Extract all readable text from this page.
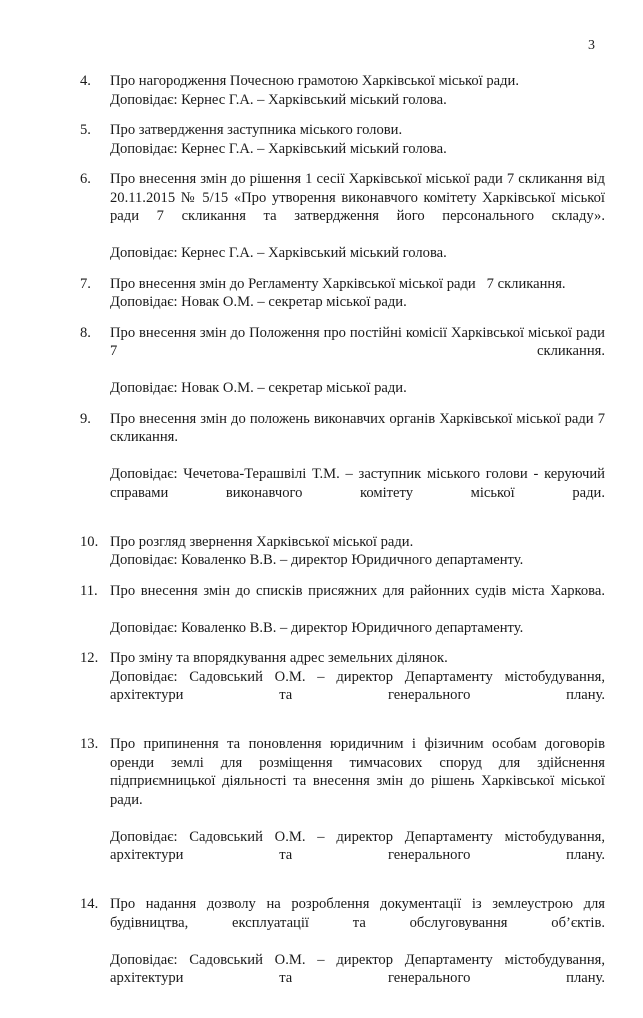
3
4. Про нагородження Почесною грамотою Харківської міської ради.
Доповідає: Кернес Г.А. – Харківський міський голова.
5. Про затвердження заступника міського голови.
Доповідає: Кернес Г.А. – Харківський міський голова.
6. Про внесення змін до рішення 1 сесії Харківської міської ради 7 скликання від 20.11.2015 № 5/15 «Про утворення виконавчого комітету Харківської міської ради 7 скликання та затвердження його персонального складу».
Доповідає: Кернес Г.А. – Харківський міський голова.
7. Про внесення змін до Регламенту Харківської міської ради   7 скликання.
Доповідає: Новак О.М. – секретар міської ради.
8. Про внесення змін до Положення про постійні комісії Харківської міської ради 7 скликання.
Доповідає: Новак О.М. – секретар міської ради.
9. Про внесення змін до положень виконавчих органів Харківської міської ради 7 скликання.
Доповідає: Чечетова-Терашвілі Т.М. – заступник міського голови - керуючий справами виконавчого комітету міської ради.
10. Про розгляд звернення Харківської міської ради.
Доповідає: Коваленко В.В. – директор Юридичного департаменту.
11. Про внесення змін до списків присяжних для районних судів міста Харкова.
Доповідає: Коваленко В.В. – директор Юридичного департаменту.
12. Про зміну та впорядкування адрес земельних ділянок.
Доповідає: Садовський О.М. – директор Департаменту містобудування, архітектури та генерального плану.
13. Про припинення та поновлення юридичним і фізичним особам договорів оренди землі для розміщення тимчасових споруд для здійснення підприємницької діяльності та внесення змін до рішень Харківської міської ради.
Доповідає: Садовський О.М. – директор Департаменту містобудування, архітектури та генерального плану.
14. Про надання дозволу на розроблення документації із землеустрою для будівництва, експлуатації та обслуговування об’єктів.
Доповідає: Садовський О.М. – директор Департаменту містобудування, архітектури та генерального плану.
